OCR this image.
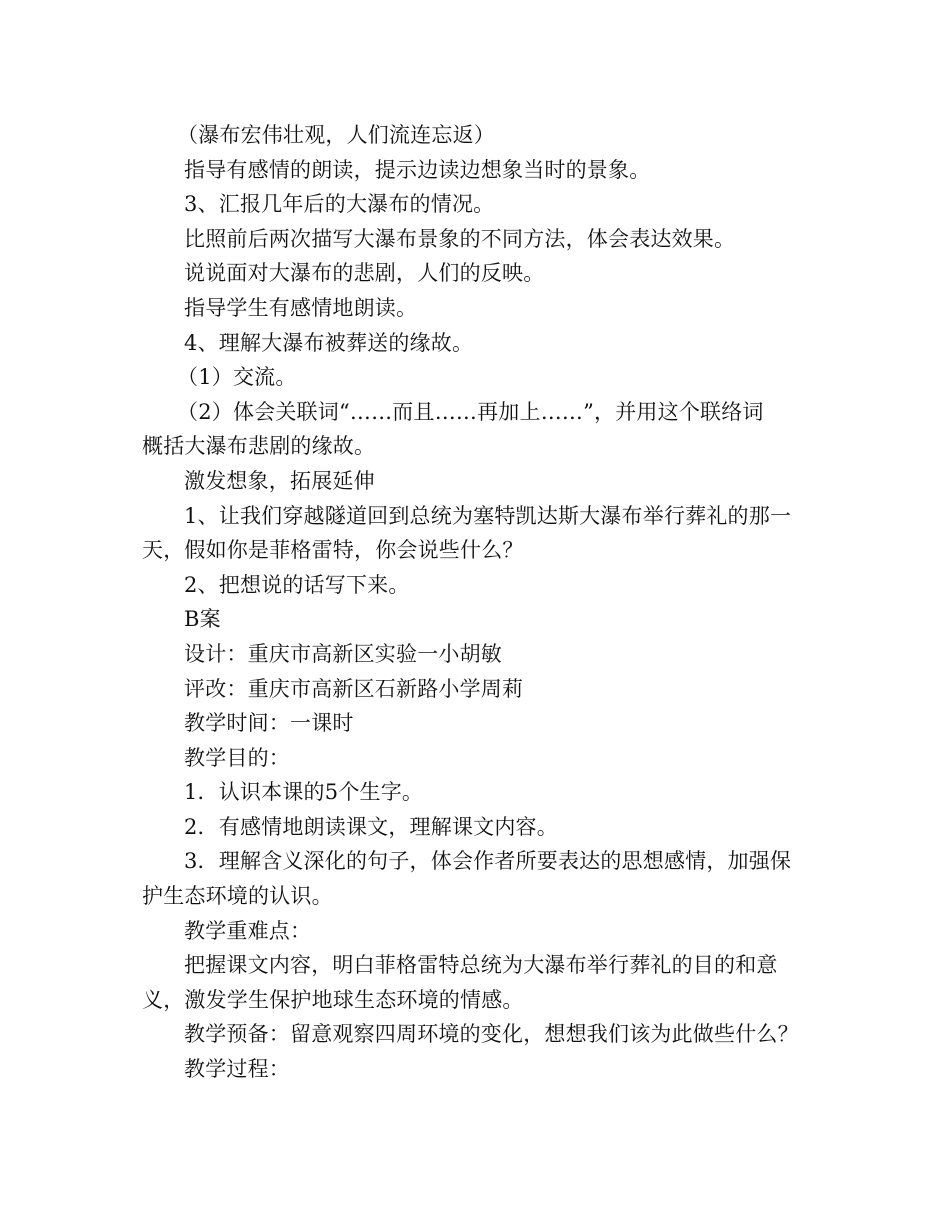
（瀑布宏伟壮观，人们流连忘返）
指导有感情的朗读，提示边读边想象当时的景象。
3、汇报几年后的大瀑布的情况。
比照前后两次描写大瀑布景象的不同方法，体会表达效果。
说说面对大瀑布的悲剧，人们的反映。
指导学生有感情地朗读。
4、理解大瀑布被葬送的缘故。
（1）交流。
（2）体会关联词“……而且……再加上……”，并用这个联络词
概括大瀑布悲剧的缘故。
激发想象，拓展延伸
1、让我们穿越隧道回到总统为塞特凯达斯大瀑布举行葬礼的那一
天，假如你是菲格雷特，你会说些什么？
2、把想说的话写下来。
B案
设计：重庆市高新区实验一小胡敏
评改：重庆市高新区石新路小学周莉
教学时间：一课时
教学目的：
1．认识本课的5个生字。
2．有感情地朗读课文，理解课文内容。
3．理解含义深化的句子，体会作者所要表达的思想感情，加强保
护生态环境的认识。
教学重难点：
把握课文内容，明白菲格雷特总统为大瀑布举行葬礼的目的和意
义，激发学生保护地球生态环境的情感。
教学预备：留意观察四周环境的变化，想想我们该为此做些什么？
教学过程：
